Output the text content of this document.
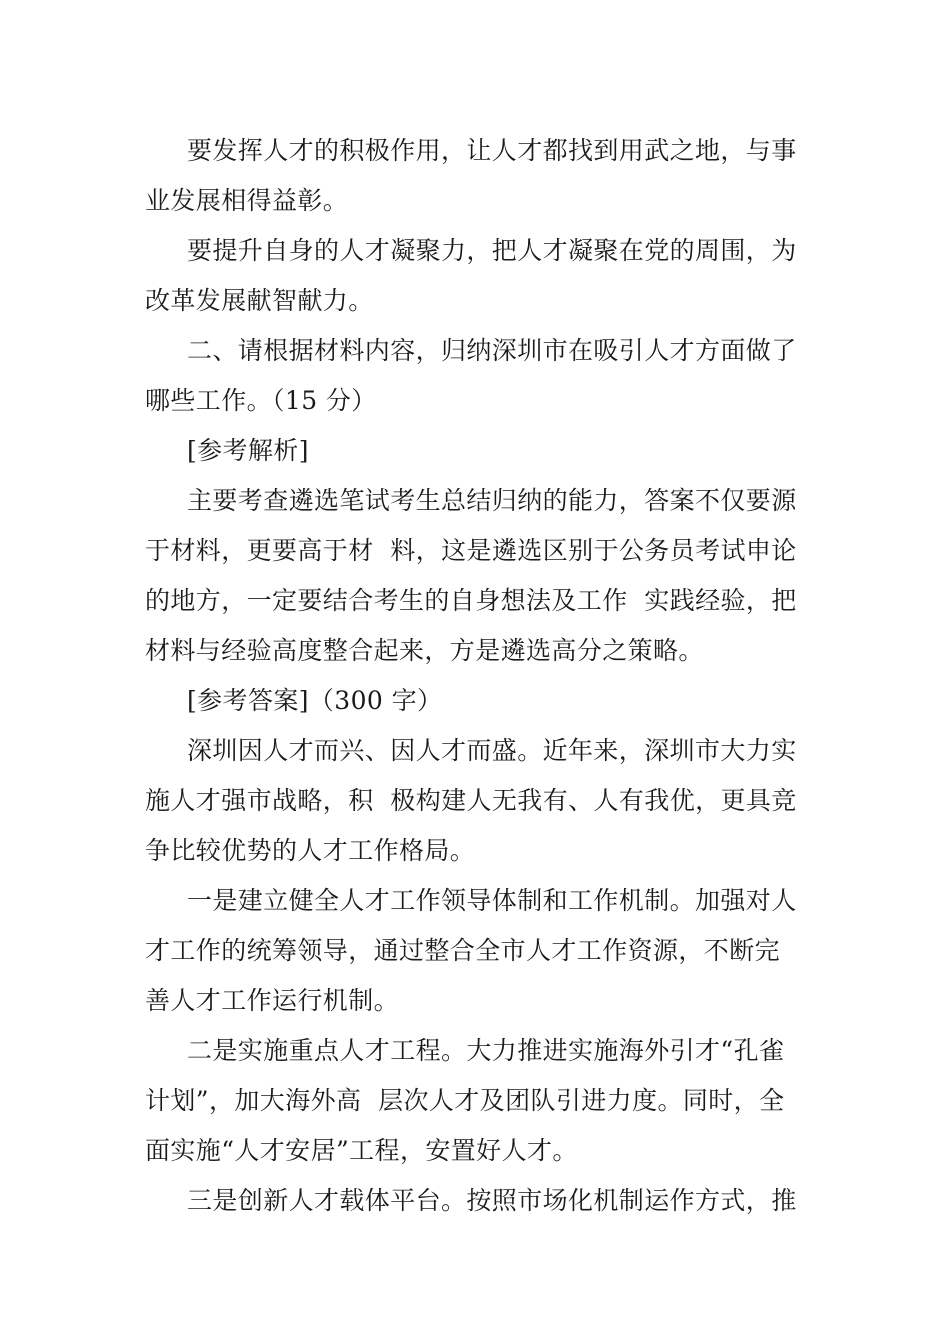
要发挥人才的积极作用，让人才都找到用武之地，与事

业发展相得益彰。

要提升自身的人才凝聚力，把人才凝聚在党的周围，为

改革发展献智献力。

二、请根据材料内容，归纳深圳市在吸引人才方面做了

哪些工作。（15 分）

[参考解析]

主要考查遴选笔试考生总结归纳的能力，答案不仅要源

于材料，更要高于材  料，这是遴选区别于公务员考试申论

的地方，一定要结合考生的自身想法及工作  实践经验，把

材料与经验高度整合起来，方是遴选高分之策略。

[参考答案]（300 字）

深圳因人才而兴、因人才而盛。近年来，深圳市大力实

施人才强市战略，积  极构建人无我有、人有我优，更具竞

争比较优势的人才工作格局。

一是建立健全人才工作领导体制和工作机制。加强对人

才工作的统筹领导，通过整合全市人才工作资源，不断完

善人才工作运行机制。

二是实施重点人才工程。大力推进实施海外引才“孔雀

计划”，加大海外高  层次人才及团队引进力度。同时，全

面实施“人才安居”工程，安置好人才。

三是创新人才载体平台。按照市场化机制运作方式，推
